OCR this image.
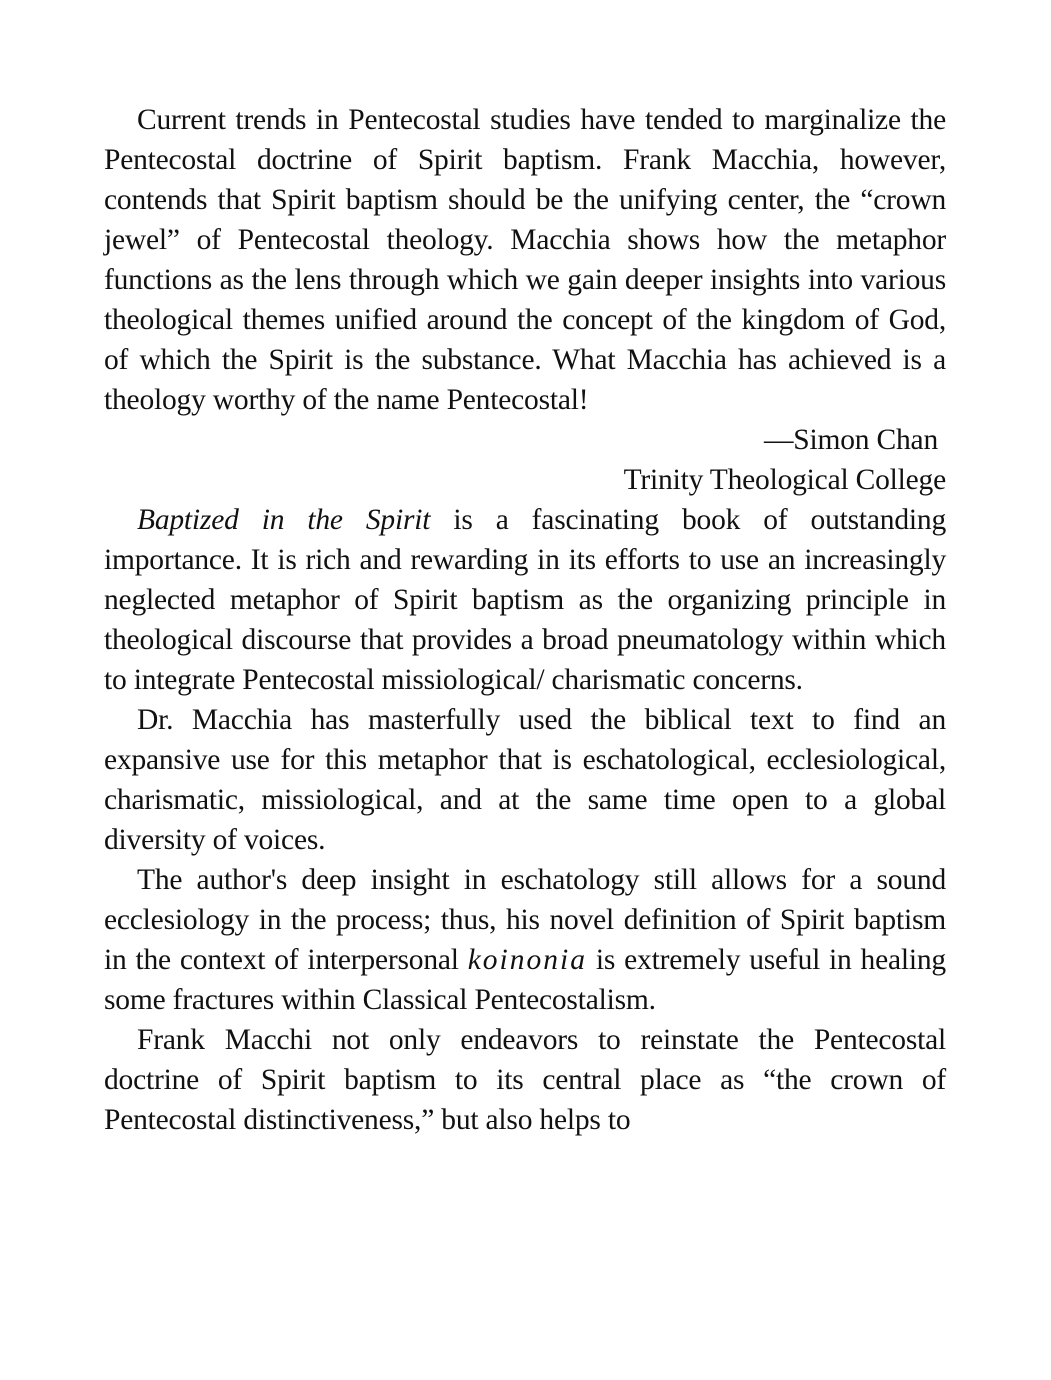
Current trends in Pentecostal studies have tended to marginalize the Pentecostal doctrine of Spirit baptism. Frank Macchia, however, contends that Spirit baptism should be the unifying center, the “crown jewel” of Pentecostal theology. Macchia shows how the metaphor functions as the lens through which we gain deeper insights into various theological themes unified around the concept of the kingdom of God, of which the Spirit is the substance. What Macchia has achieved is a theology worthy of the name Pentecostal!

—Simon Chan

Trinity Theological College

Baptized in the Spirit is a fascinating book of outstanding importance. It is rich and rewarding in its efforts to use an increasingly neglected metaphor of Spirit baptism as the organizing principle in theological discourse that provides a broad pneumatology within which to integrate Pentecostal missiological/ charismatic concerns.

Dr. Macchia has masterfully used the biblical text to find an expansive use for this metaphor that is eschatological, ecclesiological, charismatic, missiological, and at the same time open to a global diversity of voices.

The author's deep insight in eschatology still allows for a sound ecclesiology in the process; thus, his novel definition of Spirit baptism in the context of interpersonal koinonia is extremely useful in healing some fractures within Classical Pentecostalism.

Frank Macchi not only endeavors to reinstate the Pentecostal doctrine of Spirit baptism to its central place as “the crown of Pentecostal distinctiveness,” but also helps to
